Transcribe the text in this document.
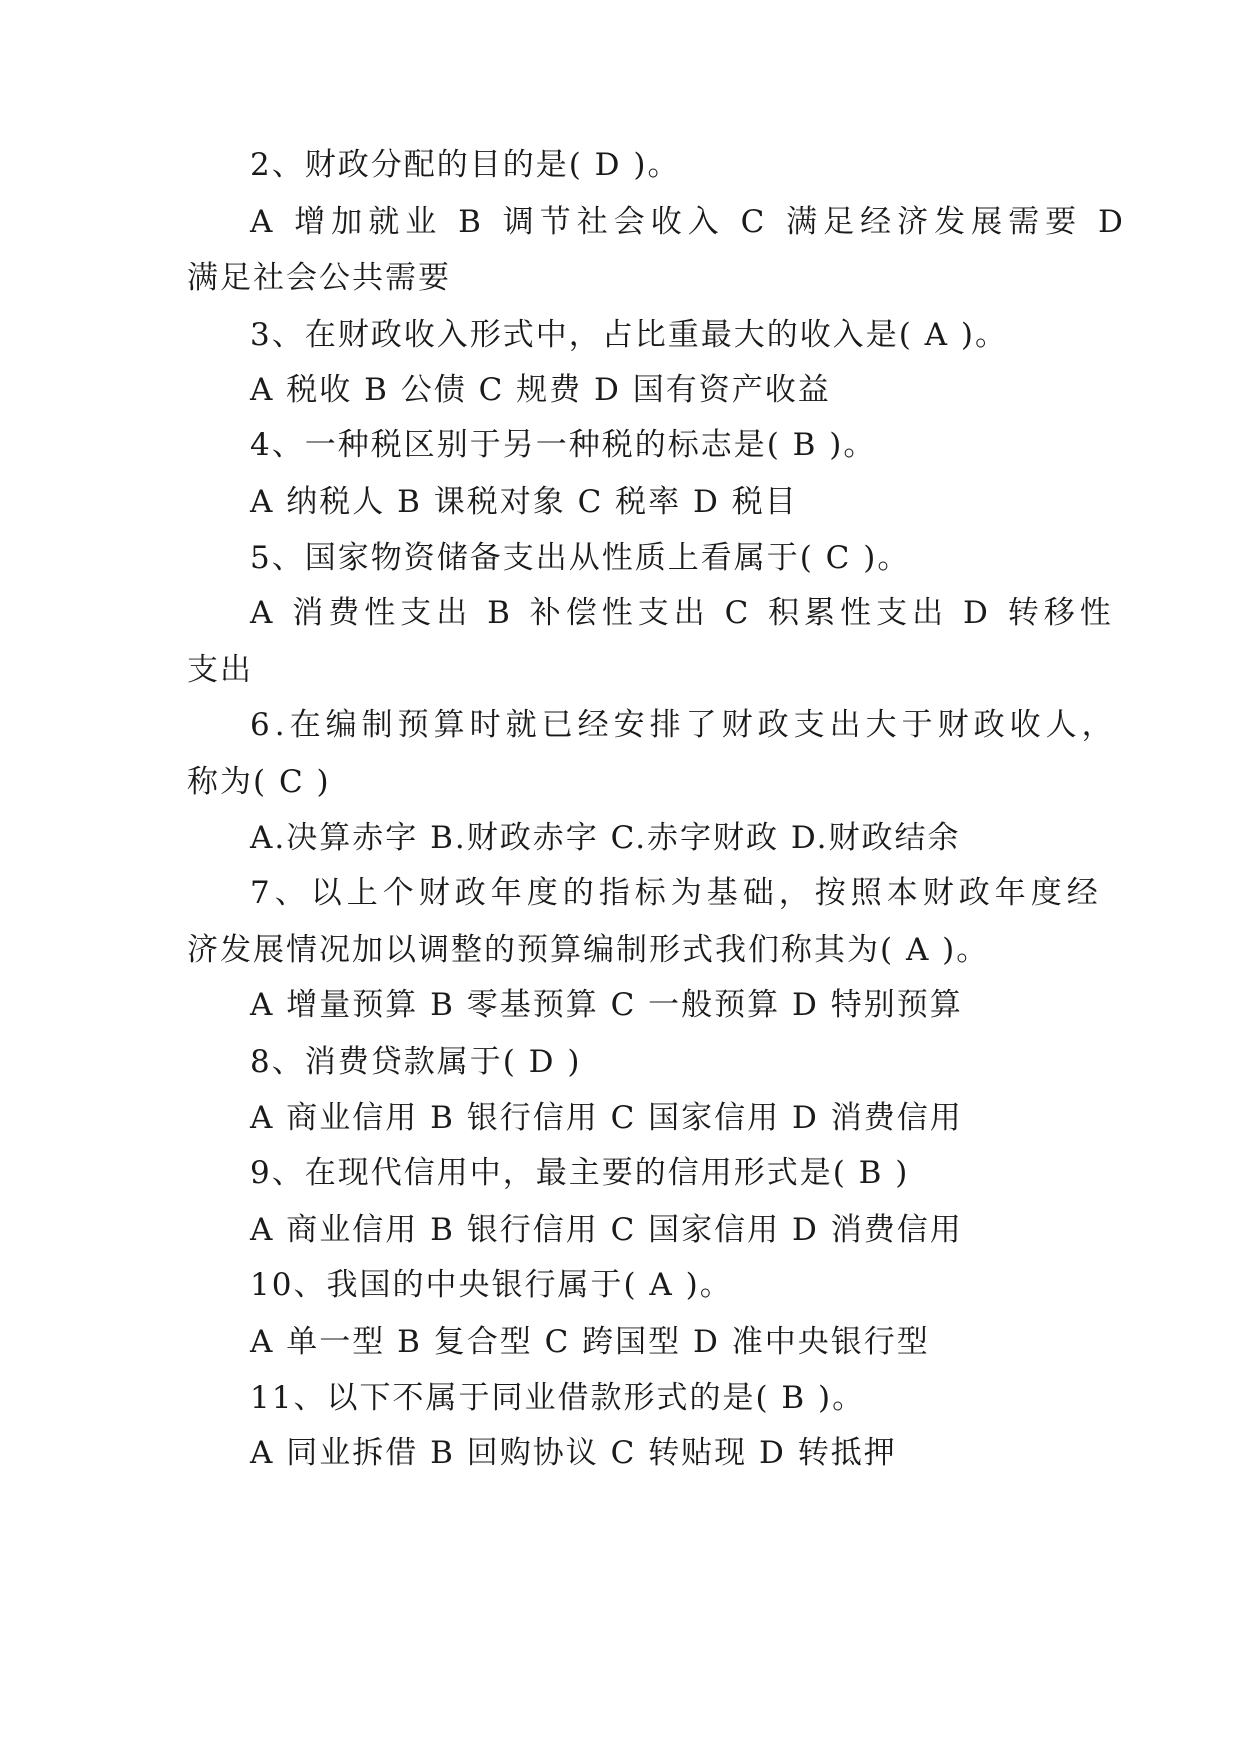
2、财政分配的目的是( D )。
A 增加就业 B 调节社会收入 C 满足经济发展需要 D
满足社会公共需要
3、在财政收入形式中，占比重最大的收入是( A )。
A 税收 B 公债 C 规费 D 国有资产收益
4、一种税区别于另一种税的标志是( B )。
A 纳税人 B 课税对象 C 税率 D 税目
5、国家物资储备支出从性质上看属于( C )。
A 消费性支出 B 补偿性支出 C 积累性支出 D 转移性
支出
6.在编制预算时就已经安排了财政支出大于财政收人，
称为( C )
A.决算赤字 B.财政赤字 C.赤字财政 D.财政结余
7、以上个财政年度的指标为基础，按照本财政年度经
济发展情况加以调整的预算编制形式我们称其为( A )。
A 增量预算 B 零基预算 C 一般预算 D 特别预算
8、消费贷款属于( D )
A 商业信用 B 银行信用 C 国家信用 D 消费信用
9、在现代信用中，最主要的信用形式是( B )
A 商业信用 B 银行信用 C 国家信用 D 消费信用
10、我国的中央银行属于( A )。
A 单一型 B 复合型 C 跨国型 D 准中央银行型
11、以下不属于同业借款形式的是( B )。
A 同业拆借 B 回购协议 C 转贴现 D 转抵押
